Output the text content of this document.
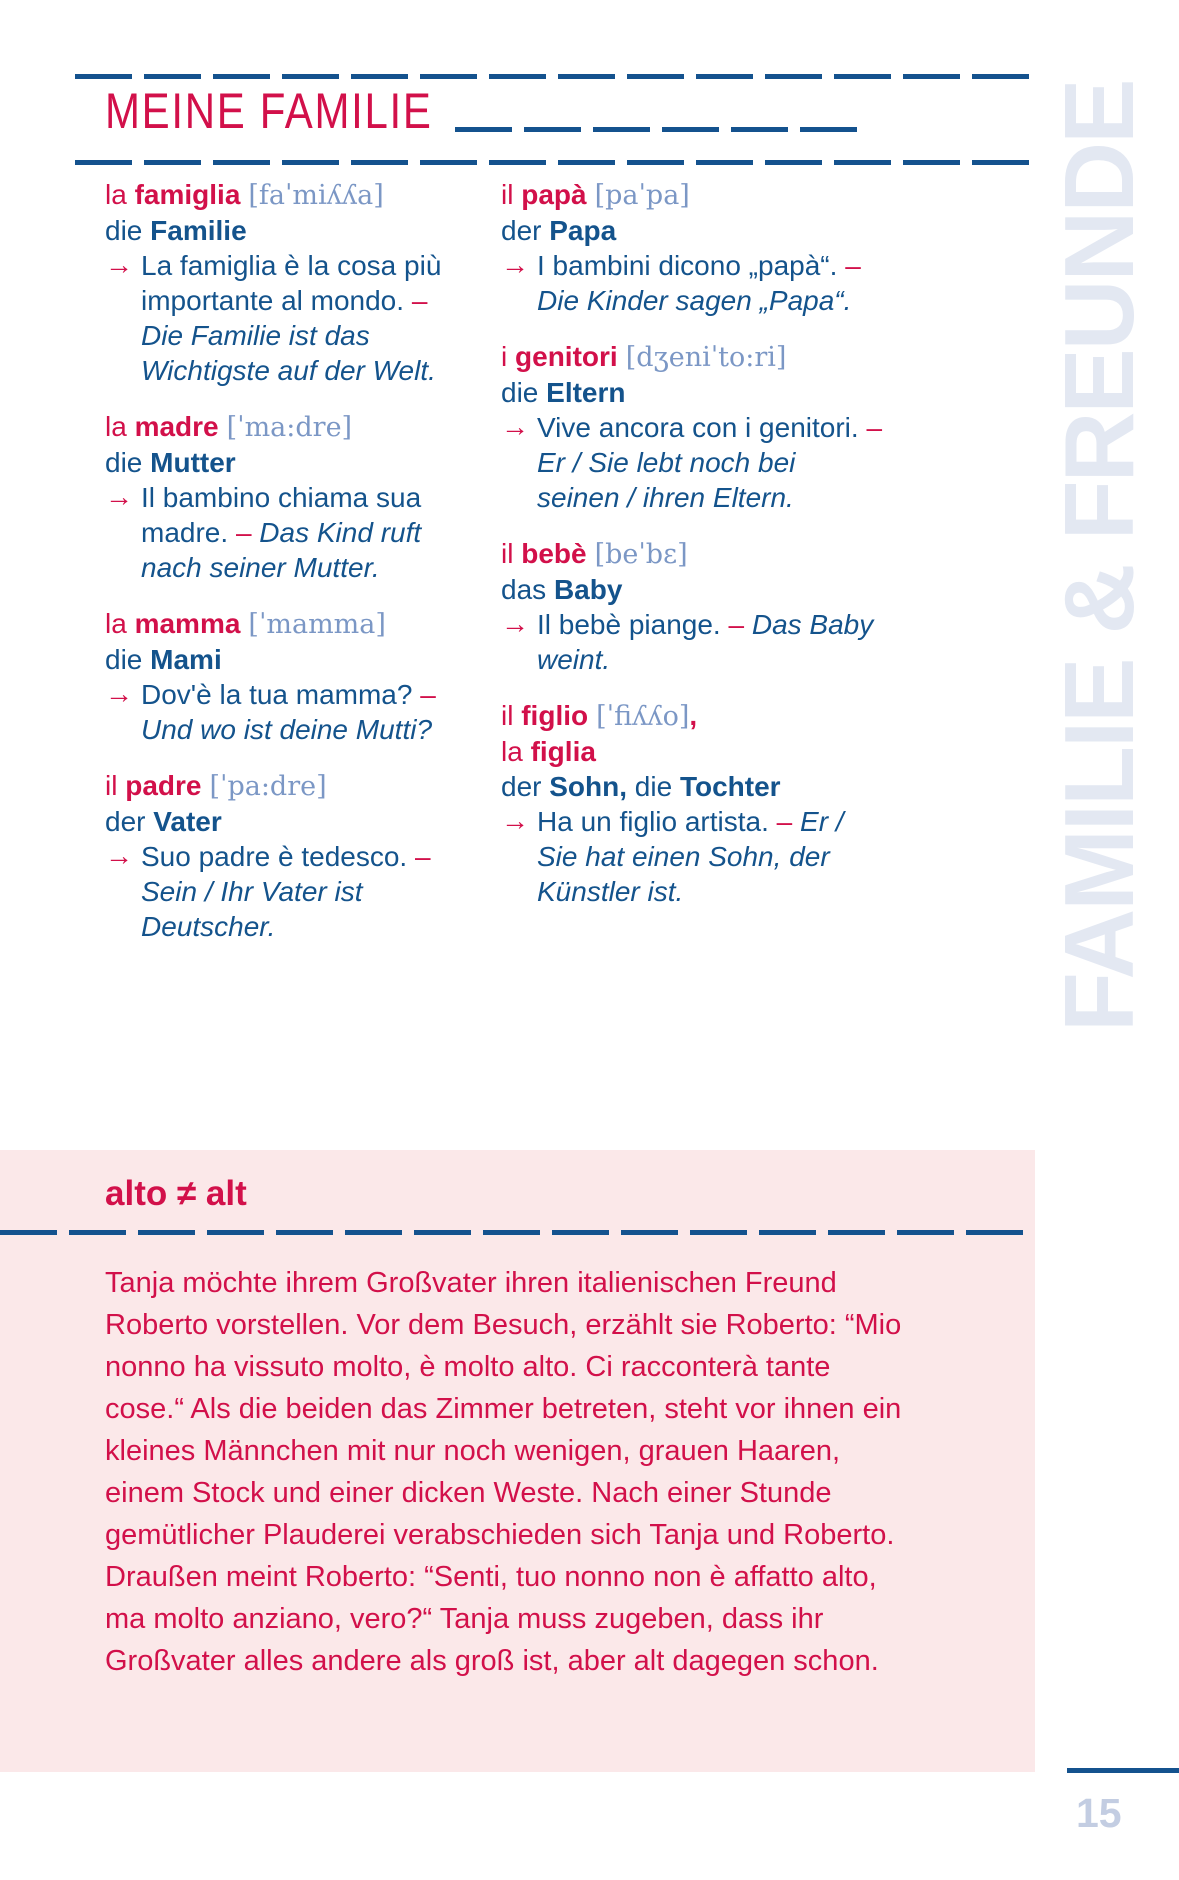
MEINE FAMILIE	FAMILIE & FREUNDE
la famiglia [faˈmiʎʎa]
die Familie
→ La famiglia è la cosa più importante al mondo. – Die Familie ist das Wichtigste auf der Welt.
la madre [ˈma:dre]
die Mutter
→ Il bambino chiama sua madre. – Das Kind ruft nach seiner Mutter.
la mamma [ˈmamma]
die Mami
→ Dov'è la tua mamma? – Und wo ist deine Mutti?
il padre [ˈpa:dre]
der Vater
→ Suo padre è tedesco. – Sein / Ihr Vater ist Deutscher.
il papà [paˈpa]
der Papa
→ I bambini dicono „papà“. – Die Kinder sagen „Papa“.
i genitori [dʒeniˈto:ri]
die Eltern
→ Vive ancora con i genitori. – Er / Sie lebt noch bei seinen / ihren Eltern.
il bebè [beˈbɛ]
das Baby
→ Il bebè piange. – Das Baby weint.
il figlio [ˈfiʎʎo],
la figlia
der Sohn, die Tochter
→ Ha un figlio artista. – Er / Sie hat einen Sohn, der Künstler ist.
alto ≠ alt
Tanja möchte ihrem Großvater ihren italienischen Freund Roberto vorstellen. Vor dem Besuch, erzählt sie Roberto: “Mio nonno ha vissuto molto, è molto alto. Ci racconterà tante cose.“ Als die beiden das Zimmer betreten, steht vor ihnen ein kleines Männchen mit nur noch wenigen, grauen Haaren, einem Stock und einer dicken Weste. Nach einer Stunde gemütlicher Plauderei verabschieden sich Tanja und Roberto. Draußen meint Roberto: “Senti, tuo nonno non è affatto alto, ma molto anziano, vero?“ Tanja muss zugeben, dass ihr Großvater alles andere als groß ist, aber alt dagegen schon.
15
